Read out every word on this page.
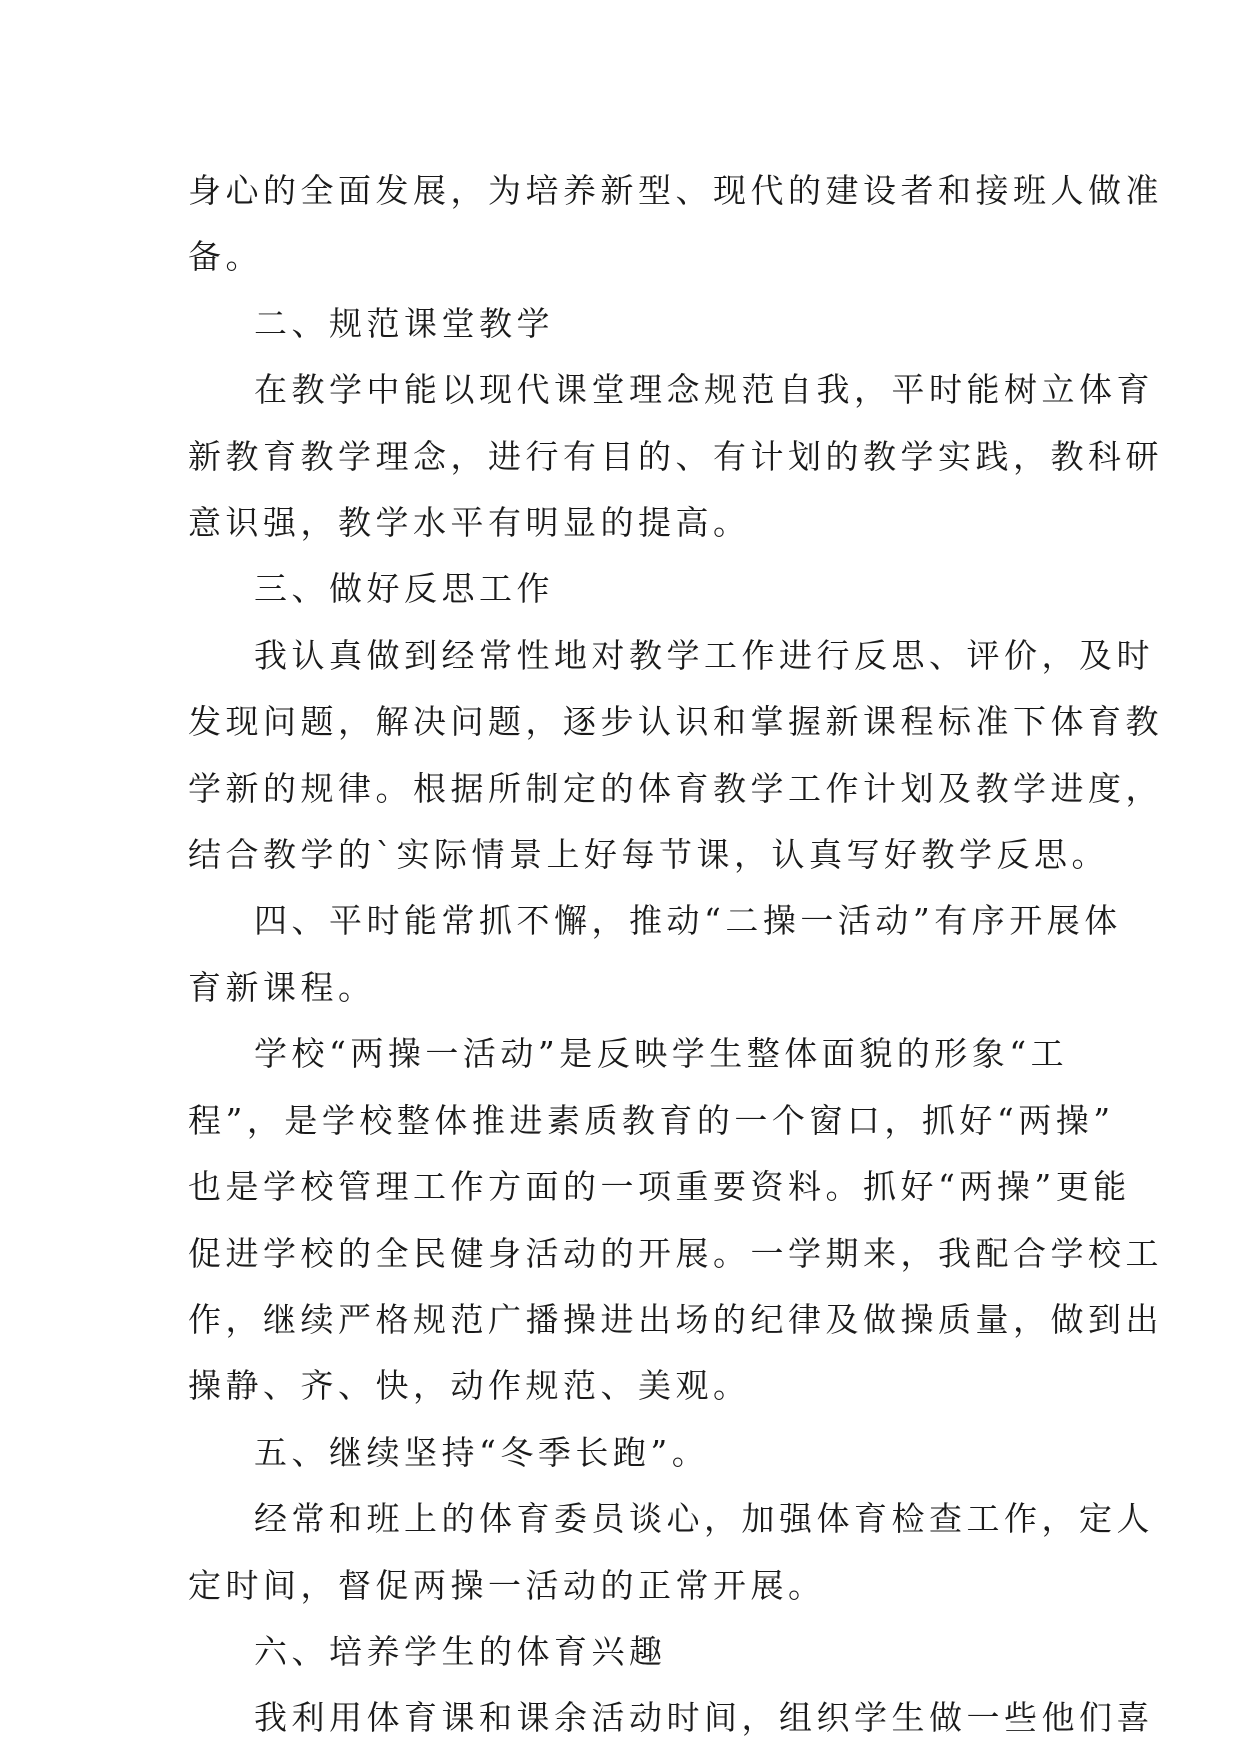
身心的全面发展，为培养新型、现代的建设者和接班人做准
备。

二、规范课堂教学

在教学中能以现代课堂理念规范自我，平时能树立体育
新教育教学理念，进行有目的、有计划的教学实践，教科研
意识强，教学水平有明显的提高。

三、做好反思工作

我认真做到经常性地对教学工作进行反思、评价，及时
发现问题，解决问题，逐步认识和掌握新课程标准下体育教
学新的规律。根据所制定的体育教学工作计划及教学进度，
结合教学的`实际情景上好每节课，认真写好教学反思。

四、平时能常抓不懈，推动“二操一活动”有序开展体
育新课程。

学校“两操一活动”是反映学生整体面貌的形象“工
程”，是学校整体推进素质教育的一个窗口，抓好“两操”
也是学校管理工作方面的一项重要资料。抓好“两操”更能
促进学校的全民健身活动的开展。一学期来，我配合学校工
作，继续严格规范广播操进出场的纪律及做操质量，做到出
操静、齐、快，动作规范、美观。

五、继续坚持“冬季长跑”。

经常和班上的体育委员谈心，加强体育检查工作，定人
定时间，督促两操一活动的正常开展。

六、培养学生的体育兴趣

我利用体育课和课余活动时间，组织学生做一些他们喜
